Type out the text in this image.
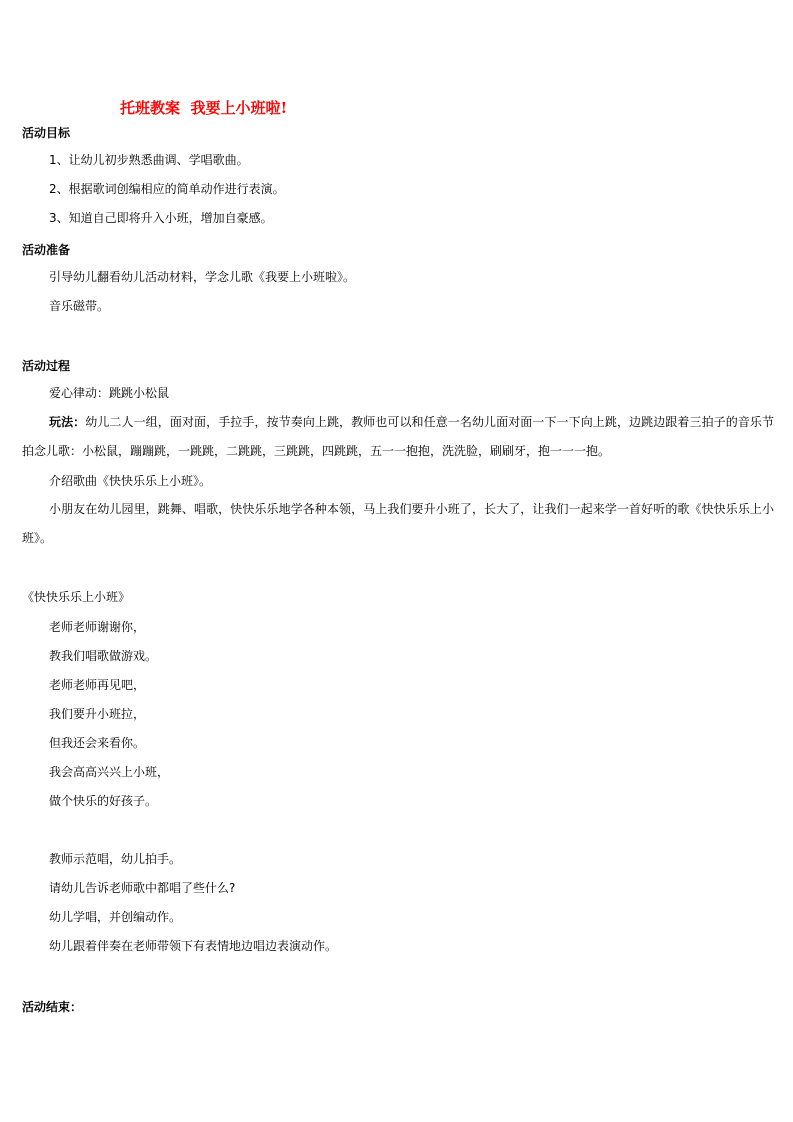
托班教案  我要上小班啦!
活动目标
1、让幼儿初步熟悉曲调、学唱歌曲。
2、根据歌词创编相应的简单动作进行表演。
3、知道自己即将升入小班，增加自豪感。
活动准备
引导幼儿翻看幼儿活动材料，学念儿歌《我要上小班啦》。
音乐磁带。
活动过程
爱心律动：跳跳小松鼠
玩法：幼儿二人一组，面对面，手拉手，按节奏向上跳，教师也可以和任意一名幼儿面对面一下一下向上跳，边跳边跟着三拍子的音乐节拍念儿歌：小松鼠，蹦蹦跳，一跳跳，二跳跳，三跳跳，四跳跳，五一一抱抱，洗洗脸，刷刷牙，抱一一一抱。
介绍歌曲《快快乐乐上小班》。
小朋友在幼儿园里，跳舞、唱歌，快快乐乐地学各种本领，马上我们要升小班了，长大了，让我们一起来学一首好听的歌《快快乐乐上小班》。
《快快乐乐上小班》
老师老师谢谢你，
教我们唱歌做游戏。
老师老师再见吧，
我们要升小班拉，
但我还会来看你。
我会高高兴兴上小班，
做个快乐的好孩子。
教师示范唱，幼儿拍手。
请幼儿告诉老师歌中都唱了些什么?
幼儿学唱，并创编动作。
幼儿跟着伴奏在老师带领下有表情地边唱边表演动作。
活动结束：
